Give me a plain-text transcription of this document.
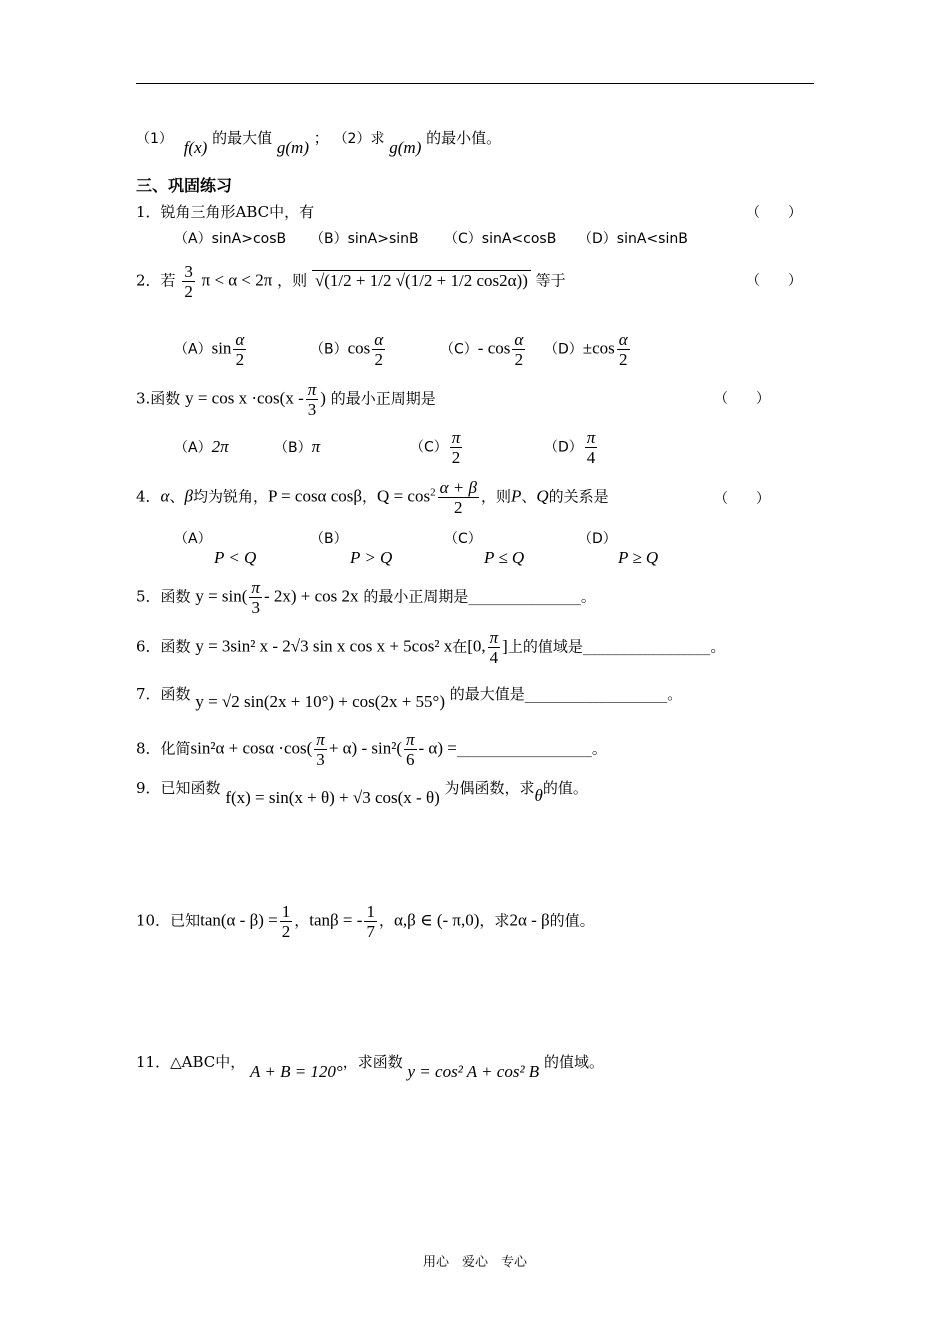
（1） f(x) 的最大值 g(m) ； （2）求 g(m) 的最小值。
三、巩固练习
1．锐角三角形ABC中，有	（　　）
（A）sinA>cosB （B）sinA>sinB （C）sinA<cosB （D）sinA<sinB
2．若 $\frac{3}{2}$ π < α < 2π ，则 √(1/2 + 1/2 √(1/2 + 1/2 cos2α)) 等于	（　　）
$(A)\sin \frac{\alpha}{2}$	$(B)\cos \frac{\alpha}{2}$	（C）- $\cos \frac{\alpha}{2} (D)\pm\cos \frac{\alpha}{2}$
3.函数 $y = \cos x \cdot\cos(x - \frac{\pi}{3}$ ) 的最小正周期是	（　　）
（A）2π	（B）π	$(C) \frac{\pi}{2}$	$(D) \frac{\pi}{4}$
4．α、β均为锐角，P = cosα cosβ，$Q = \cos^2 \frac{\alpha + \beta}{2}$ ，则P、Q的关系是	（　　）
（A）
P < Q
（B）
P > Q
（C）
P ≤ Q
（D）
P ≥ Q
5．函数 $y = \sin( \frac{\pi}{3} - 2x) + \cos 2x$ 的最小正周期是_______________。
6．函数 y = 3sin² x - 2√3 sin x cos x + 5cos² x在[0, $\frac{\pi}{4}$ ]上的值域是_________________。
7．函数 y = √2 sin(2x + 10°) + cos(2x + 55°) 的最大值是___________________。
8．化简$\sin^2\alpha + \cos\alpha \cdot\cos( \frac{\pi}{3} + \alpha) - \sin^2( \frac{\pi}{6} - \alpha)$ =__________________。
9．已知函数 f(x) = sin(x + θ) + √3 cos(x - θ) 为偶函数，求θ的值。
10．已知$\tan(\alpha - \beta) = \frac{1}{2}$ ，tanβ = - $\frac{1}{7}$ ，α,β ∈ (- π,0)，求2α - β的值。
11．△ABC中， A + B = 120°，求函数 y = cos² A + cos² B 的值域。
用心　爱心　专心
